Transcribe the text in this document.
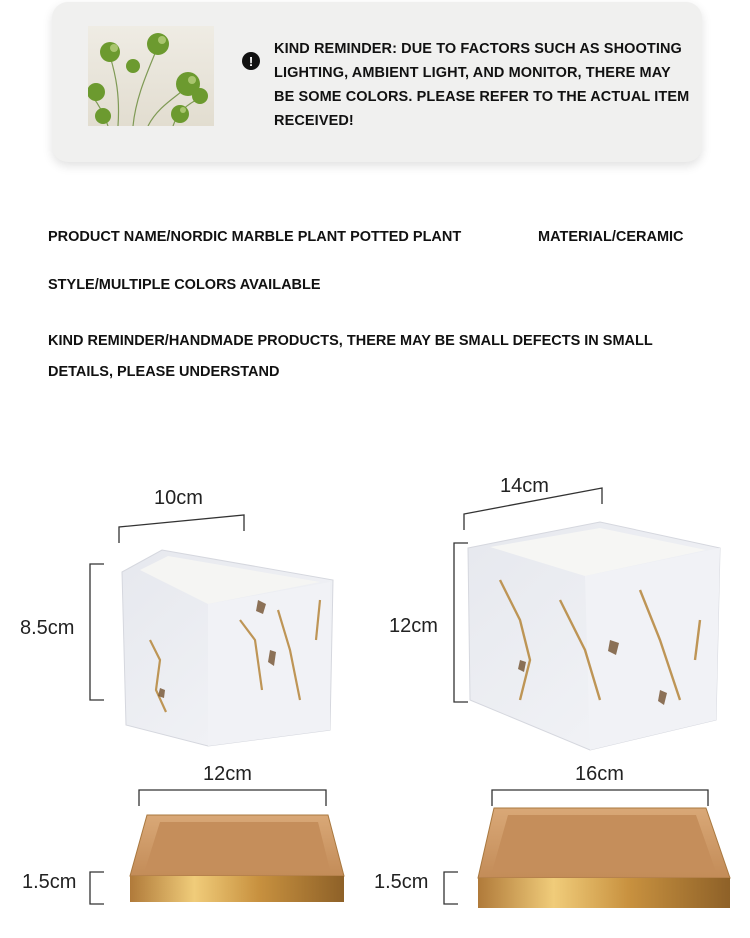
!
KIND REMINDER: DUE TO FACTORS SUCH AS SHOOTING LIGHTING, AMBIENT LIGHT, AND MONITOR, THERE MAY BE SOME COLORS. PLEASE REFER TO THE ACTUAL ITEM RECEIVED!
PRODUCT NAME/NORDIC MARBLE PLANT POTTED PLANT	MATERIAL/CERAMIC
STYLE/MULTIPLE COLORS AVAILABLE
KIND REMINDER/HANDMADE PRODUCTS, THERE MAY BE SMALL DEFECTS IN SMALL DETAILS, PLEASE UNDERSTAND
10cm
8.5cm
12cm
1.5cm
14cm
12cm
16cm
1.5cm
